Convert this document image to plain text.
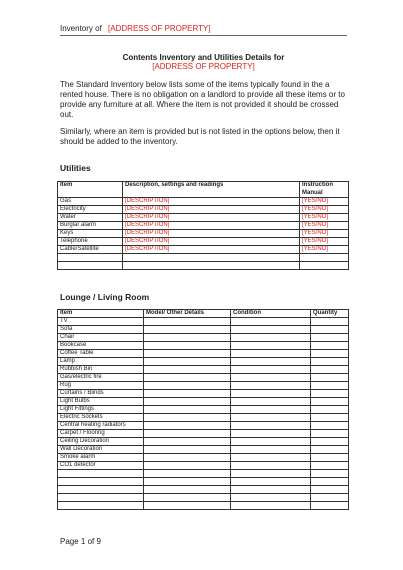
Inventory of [ADDRESS OF PROPERTY]
Contents Inventory and Utilities Details for
[ADDRESS OF PROPERTY]
The Standard Inventory below lists some of the items typically found in the a rented house. There is no obligation on a landlord to provide all these items or to provide any furniture at all. Where the item is not provided it should be crossed out.
Similarly, where an item is provided but is not listed in the options below, then it should be added to the inventory.
Utilities
Item	Description, settings and readings	Instruction Manual
Gas	[DESCRIPTION]	[YES/NO]
Electricity	[DESCRIPTION]	[YES/NO]
Water	[DESCRIPTION]	[YES/NO]
Burglar alarm	[DESCRIPTION]	[YES/NO]
Keys	[DESCRIPTION]	[YES/NO]
Telephone	[DESCRIPTION]	[YES/NO]
Cable/Satellite	[DESCRIPTION]	[YES/NO]

Lounge / Living Room
Item	Model/ Other Details	Condition	Quantity
TV			
Sofa			
Chair			
Bookcase			
Coffee Table			
Lamp			
Rubbish Bin			
Gas/electric fire			
Rug			
Curtains / Blinds			
Light Bulbs			
Light Fittings			
Electric Sockets			
Central heating radiators			
Carpet / Flooring			
Ceiling Decoration			
Wall Decoration			
Smoke alarm			
CO1 detector			

Page 1 of 9
